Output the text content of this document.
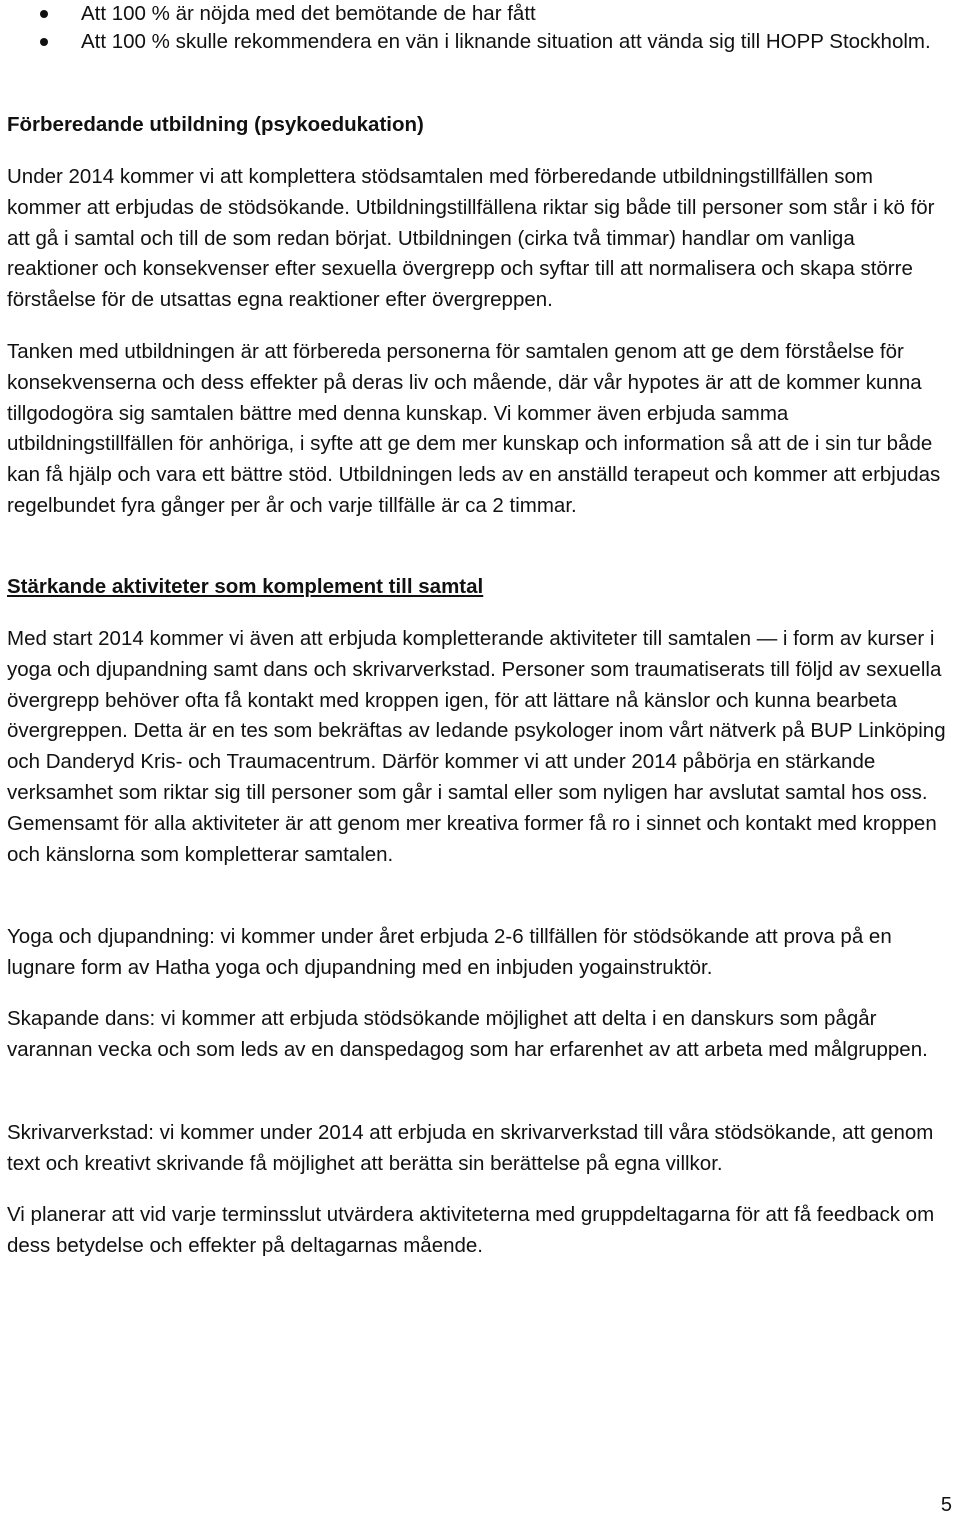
Att 100 % är nöjda med det bemötande de har fått
Att 100 % skulle rekommendera en vän i liknande situation att vända sig till HOPP Stockholm.
Förberedande utbildning (psykoedukation)

Under 2014 kommer vi att komplettera stödsamtalen med förberedande utbildningstillfällen som kommer att erbjudas de stödsökande. Utbildningstillfällena riktar sig både till personer som står i kö för att gå i samtal och till de som redan börjat. Utbildningen (cirka två timmar) handlar om vanliga reaktioner och konsekvenser efter sexuella övergrepp och syftar till att normalisera och skapa större förståelse för de utsattas egna reaktioner efter övergreppen.

Tanken med utbildningen är att förbereda personerna för samtalen genom att ge dem förståelse för konsekvenserna och dess effekter på deras liv och mående, där vår hypotes är att de kommer kunna tillgodogöra sig samtalen bättre med denna kunskap. Vi kommer även erbjuda samma utbildningstillfällen för anhöriga, i syfte att ge dem mer kunskap och information så att de i sin tur både kan få hjälp och vara ett bättre stöd. Utbildningen leds av en anställd terapeut och kommer att erbjudas regelbundet fyra gånger per år och varje tillfälle är ca 2 timmar.

Stärkande aktiviteter som komplement till samtal

Med start 2014 kommer vi även att erbjuda kompletterande aktiviteter till samtalen — i form av kurser i yoga och djupandning samt dans och skrivarverkstad. Personer som traumatiserats till följd av sexuella övergrepp behöver ofta få kontakt med kroppen igen, för att lättare nå känslor och kunna bearbeta övergreppen. Detta är en tes som bekräftas av ledande psykologer inom vårt nätverk på BUP Linköping och Danderyd Kris- och Traumacentrum. Därför kommer vi att under 2014 påbörja en stärkande verksamhet som riktar sig till personer som går i samtal eller som nyligen har avslutat samtal hos oss. Gemensamt för alla aktiviteter är att genom mer kreativa former få ro i sinnet och kontakt med kroppen och känslorna som kompletterar samtalen.

Yoga och djupandning: vi kommer under året erbjuda 2-6 tillfällen för stödsökande att prova på en lugnare form av Hatha yoga och djupandning med en inbjuden yogainstruktör.

Skapande dans: vi kommer att erbjuda stödsökande möjlighet att delta i en danskurs som pågår varannan vecka och som leds av en danspedagog som har erfarenhet av att arbeta med målgruppen.

Skrivarverkstad: vi kommer under 2014 att erbjuda en skrivarverkstad till våra stödsökande, att genom text och kreativt skrivande få möjlighet att berätta sin berättelse på egna villkor.

Vi planerar att vid varje terminsslut utvärdera aktiviteterna med gruppdeltagarna för att få feedback om dess betydelse och effekter på deltagarnas mående.

5
